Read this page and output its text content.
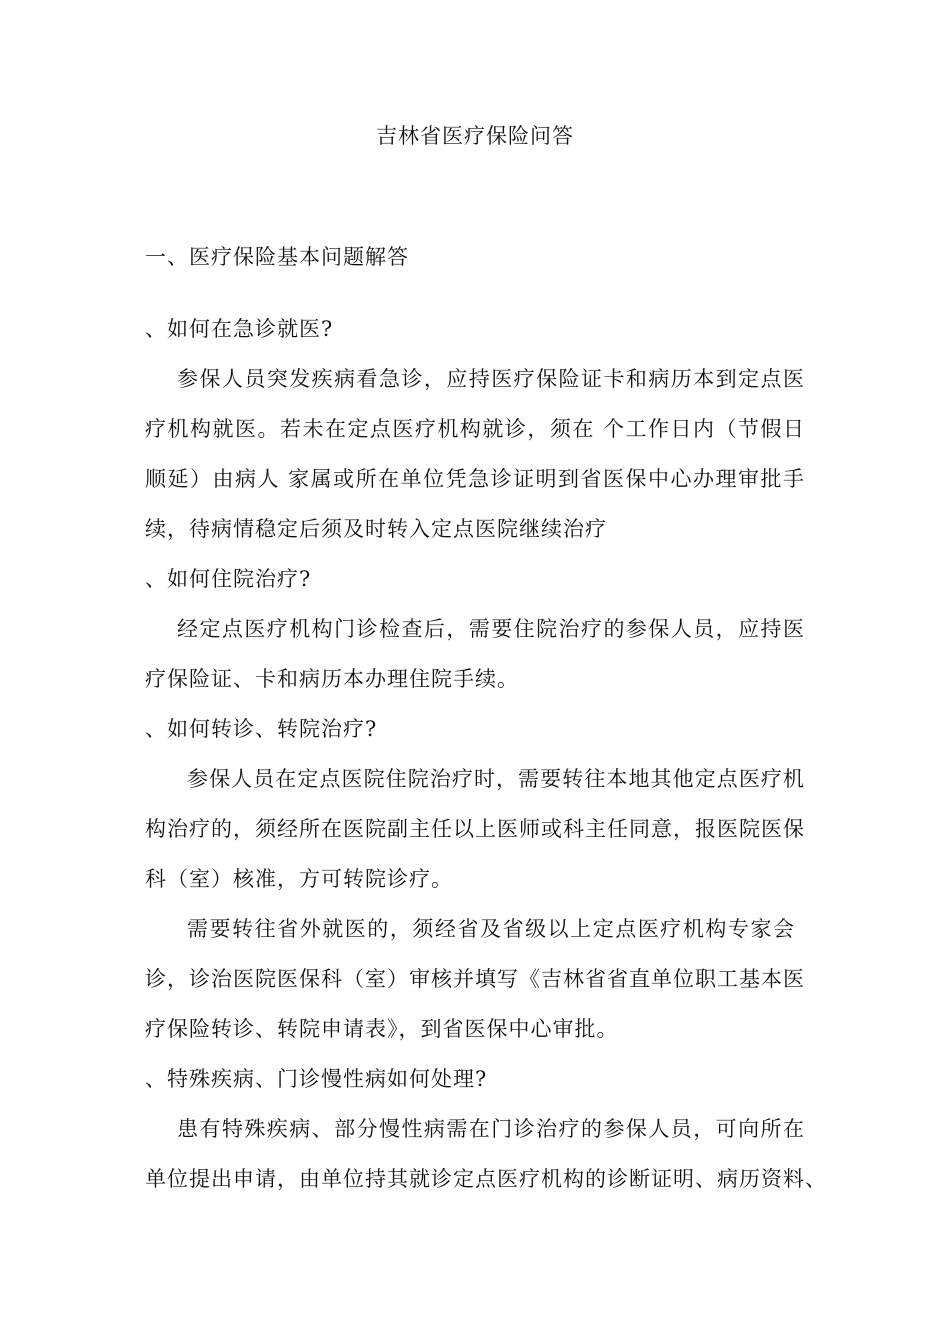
吉林省医疗保险问答
一、医疗保险基本问题解答
、如何在急诊就医?
参保人员突发疾病看急诊，应持医疗保险证卡和病历本到定点医
疗机构就医。若未在定点医疗机构就诊，须在 个工作日内（节假日
顺延）由病人 家属或所在单位凭急诊证明到省医保中心办理审批手
续，待病情稳定后须及时转入定点医院继续治疗
、如何住院治疗?
经定点医疗机构门诊检查后，需要住院治疗的参保人员，应持医
疗保险证、卡和病历本办理住院手续。
、如何转诊、转院治疗?
参保人员在定点医院住院治疗时，需要转往本地其他定点医疗机
构治疗的，须经所在医院副主任以上医师或科主任同意，报医院医保
科（室）核准，方可转院诊疗。
需要转往省外就医的，须经省及省级以上定点医疗机构专家会
诊，诊治医院医保科（室）审核并填写《吉林省省直单位职工基本医
疗保险转诊、转院申请表》，到省医保中心审批。
、特殊疾病、门诊慢性病如何处理?
患有特殊疾病、部分慢性病需在门诊治疗的参保人员，可向所在
单位提出申请，由单位持其就诊定点医疗机构的诊断证明、病历资料、
